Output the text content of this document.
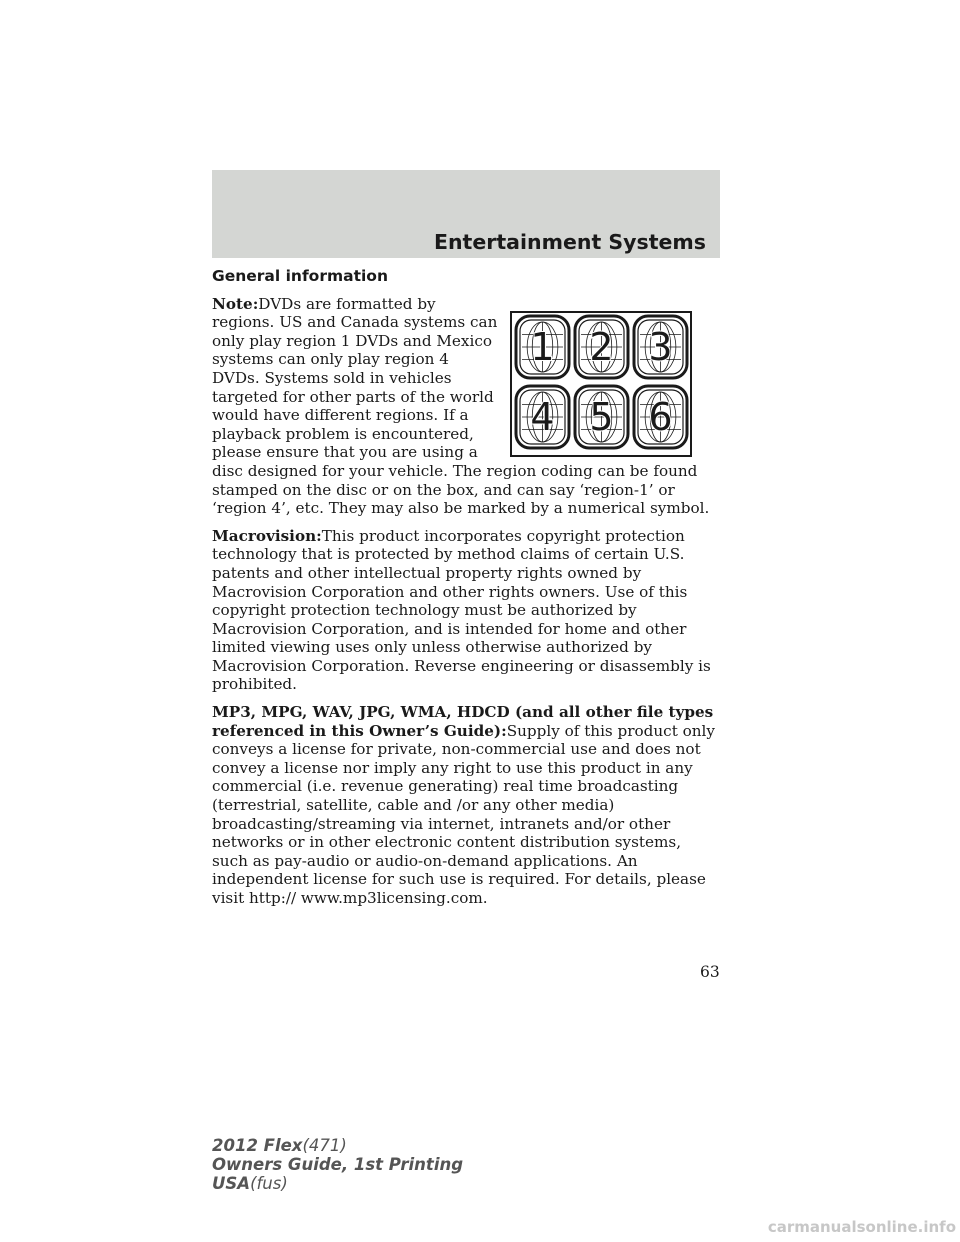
Entertainment Systems
General information
1 2 3
4 5 6

Note:DVDs are formatted by regions. US and Canada systems can only play region 1 DVDs and Mexico systems can only play region 4 DVDs. Systems sold in vehicles targeted for other parts of the world would have different regions. If a playback problem is encountered, please ensure that you are using a disc designed for your vehicle. The region coding can be found stamped on the disc or on the box, and can say ‘region-1’ or ‘region 4’, etc. They may also be marked by a numerical symbol.

Macrovision:This product incorporates copyright protection technology that is protected by method claims of certain U.S. patents and other intellectual property rights owned by Macrovision Corporation and other rights owners. Use of this copyright protection technology must be authorized by Macrovision Corporation, and is intended for home and other limited viewing uses only unless otherwise authorized by Macrovision Corporation. Reverse engineering or disassembly is prohibited.

MP3, MPG, WAV, JPG, WMA, HDCD (and all other file types referenced in this Owner’s Guide):Supply of this product only conveys a license for private, non-commercial use and does not convey a license nor imply any right to use this product in any commercial (i.e. revenue generating) real time broadcasting (terrestrial, satellite, cable and /or any other media) broadcasting/streaming via internet, intranets and/or other networks or in other electronic content distribution systems, such as pay-audio or audio-on-demand applications. An independent license for such use is required. For details, please visit http:// www.mp3licensing.com.

63
2012 Flex(471)
Owners Guide, 1st Printing
USA(fus)
carmanualsonline.info
